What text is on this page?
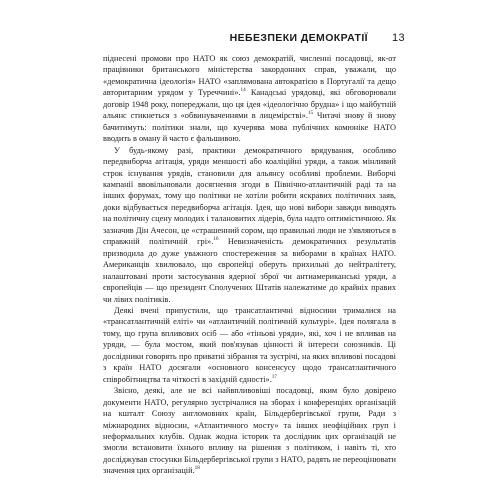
НЕБЕЗПЕКИ ДЕМОКРАТІЇ 13

піднесені промови про НАТО як союз демократій, численні посадовці, як-от працівники британського міністерства закордонних справ, уважали, що «демократична ідеологія» НАТО «заплямована автократією в Португалії та дещо авторитарним урядом у Туреччині».$^{14}$ Канадські урядовці, які обговорювали договір 1948 року, попереджали, що ця ідея «ідеологічно брудна» і що майбутній альянс стикнеться з «обвинуваченнями в лицемірстві».$^{15}$ Читачі знову й знову бачитимуть: політики знали, що кучерява мова публічних комюніке НАТО вводить в оману й часто є фальшивою.

У будь-якому разі, практики демократичного врядування, особливо передвиборча агітація, уряди меншості або коаліційні уряди, а також мінливий строк існування урядів, становили для альянсу особливі проблеми. Виборчі кампанії ввовільнювали досягнення згоди в Північно-атлантичній раді та на інших форумах, тому що політики не хотіли робити яскравих політичних заяв, доки відбувається передвиборча агітація. Ідея, що нові вибори завжди виводять на політичну сцену молодих і талановитих лідерів, була надто оптимістичною. Як зазначив Дін Ачесон, це «страшенний сором, що правильні люди не з'являються в справжній політичній грі».$^{16}$ Невизначеність демократичних результатів призводила до дуже уважного спостереження за виборами в країнах НАТО. Американців хвилювало, що європейці оберуть прихильні до нейтралітету, налаштовані проти застосування ядерної зброї чи антиамериканські уряди, а європейців — що президент Сполучених Штатів належатиме до крайніх правих чи лівих політиків.

Деякі вчені припустили, що трансатлантичні відносини трималися на «трансатлантичній еліті» чи «атлантичній політичній культурі». Ідея полягала в тому, що група впливових осіб — або «тіньові уряди», які, хоч і не впливав на уряди, — була мостом, який пов'язував цінності й інтереси союзників. Ці дослідники говорять про приватні зібрання та зустрічі, на яких впливові посадові з країн НАТО досягали «основного консенсусу щодо трансатлантичного співробітництва та чіткості в західній єдності».$^{17}$

Звісно, деякі, але не всі найвпливовіші посадовці, яким було довірено документи НАТО, регулярно зустрічалися на зборах і конференціях організацій на кшталт Союзу англомовних країн, Більдербергівської групи, Ради з міжнародних відносин, «Атлантичного мосту» та інших неофіційних груп і неформальних клубів. Однак жодна історик та дослідник цих організацій не змогли встановити їхнього впливу на рішення з політиком, і навіть ті, хто досліджував стосунки Більдербергівської групи з НАТО, радять не переоцінювати значення цих організацій.$^{18}$
